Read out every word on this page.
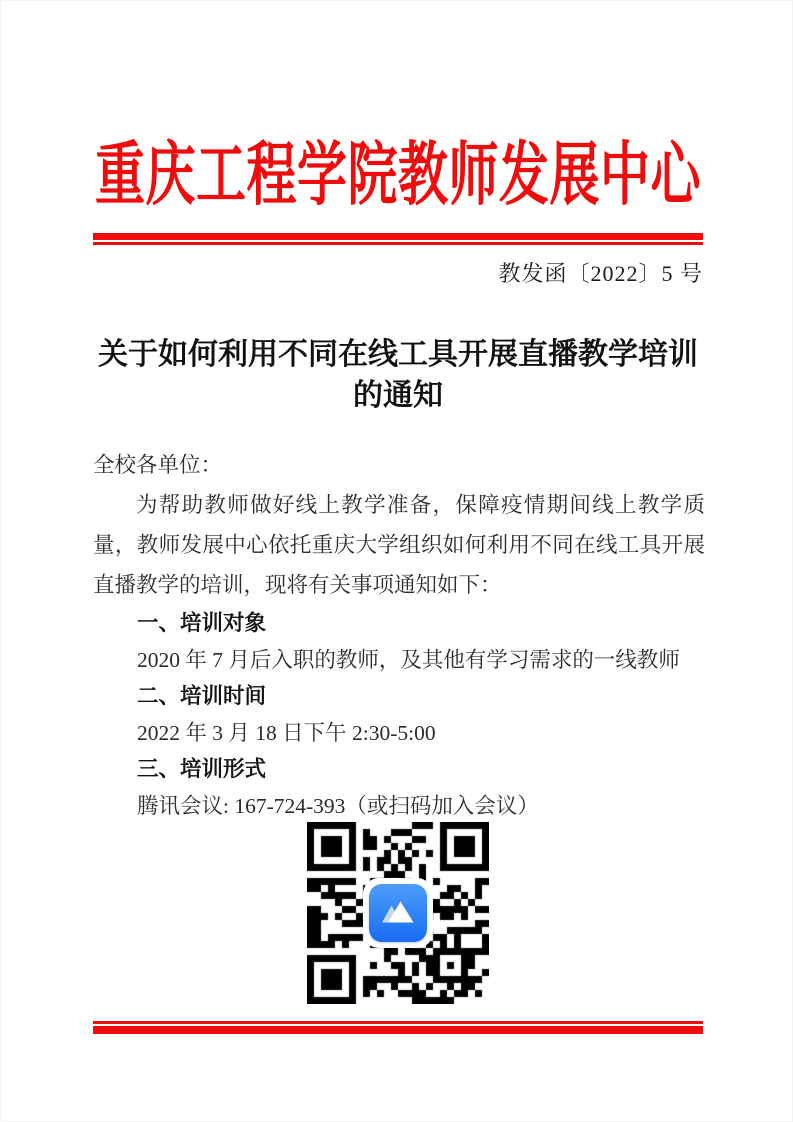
重庆工程学院教师发展中心
教发函〔2022〕5 号
关于如何利用不同在线工具开展直播教学培训
的通知
全校各单位：
为帮助教师做好线上教学准备，保障疫情期间线上教学质量，教师发展中心依托重庆大学组织如何利用不同在线工具开展直播教学的培训，现将有关事项通知如下：
一、培训对象
2020 年 7 月后入职的教师，及其他有学习需求的一线教师
二、培训时间
2022 年 3 月 18 日下午 2:30-5:00
三、培训形式
腾讯会议: 167-724-393（或扫码加入会议）
